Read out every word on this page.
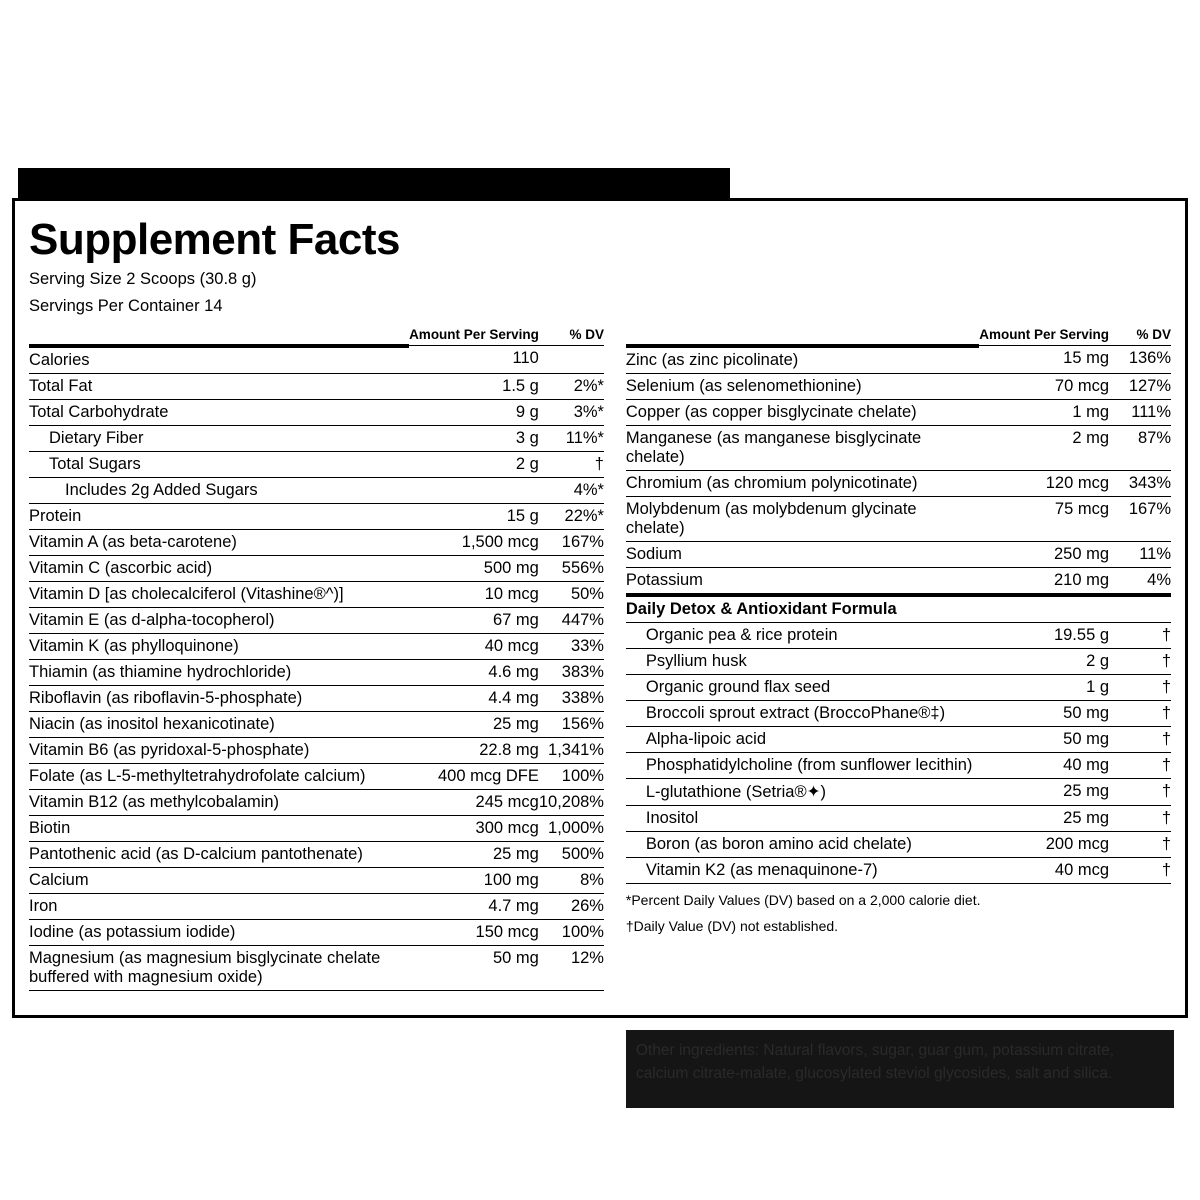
Daily Nutritional Support Formula
Supplement Facts
Serving Size 2 Scoops (30.8 g)
Servings Per Container 14
	Amount Per Serving	% DV
Calories	110	
Total Fat	1.5 g	2%*
Total Carbohydrate	9 g	3%*
Dietary Fiber	3 g	11%*
Total Sugars	2 g	†
Includes 2g Added Sugars		4%*
Protein	15 g	22%*
Vitamin A (as beta-carotene)	1,500 mcg	167%
Vitamin C (ascorbic acid)	500 mg	556%
Vitamin D [as cholecalciferol (Vitashine®^)]	10 mcg	50%
Vitamin E (as d-alpha-tocopherol)	67 mg	447%
Vitamin K (as phylloquinone)	40 mcg	33%
Thiamin (as thiamine hydrochloride)	4.6 mg	383%
Riboflavin (as riboflavin-5-phosphate)	4.4 mg	338%
Niacin (as inositol hexanicotinate)	25 mg	156%
Vitamin B6 (as pyridoxal-5-phosphate)	22.8 mg	1,341%
Folate (as L-5-methyltetrahydrofolate calcium)	400 mcg DFE	100%
Vitamin B12 (as methylcobalamin)	245 mcg	10,208%
Biotin	300 mcg	1,000%
Pantothenic acid (as D-calcium pantothenate)	25 mg	500%
Calcium	100 mg	8%
Iron	4.7 mg	26%
Iodine (as potassium iodide)	150 mcg	100%
Magnesium (as magnesium bisglycinate chelate buffered with magnesium oxide)	50 mg	12%
	Amount Per Serving	% DV
Zinc (as zinc picolinate)	15 mg	136%
Selenium (as selenomethionine)	70 mcg	127%
Copper (as copper bisglycinate chelate)	1 mg	111%
Manganese (as manganese bisglycinate chelate)	2 mg	87%
Chromium (as chromium polynicotinate)	120 mcg	343%
Molybdenum (as molybdenum glycinate chelate)	75 mcg	167%
Sodium	250 mg	11%
Potassium	210 mg	4%
Daily Detox & Antioxidant Formula		
Organic pea & rice protein	19.55 g	†
Psyllium husk	2 g	†
Organic ground flax seed	1 g	†
Broccoli sprout extract (BroccoPhane®‡)	50 mg	†
Alpha-lipoic acid	50 mg	†
Phosphatidylcholine (from sunflower lecithin)	40 mg	†
L-glutathione (Setria®✦)	25 mg	†
Inositol	25 mg	†
Boron (as boron amino acid chelate)	200 mcg	†
Vitamin K2 (as menaquinone-7)	40 mcg	†
*Percent Daily Values (DV) based on a 2,000 calorie diet.
†Daily Value (DV) not established.
Other ingredients: Natural flavors, sugar, guar gum, potassium citrate, calcium citrate-malate, glucosylated steviol glycosides, salt and silica.
